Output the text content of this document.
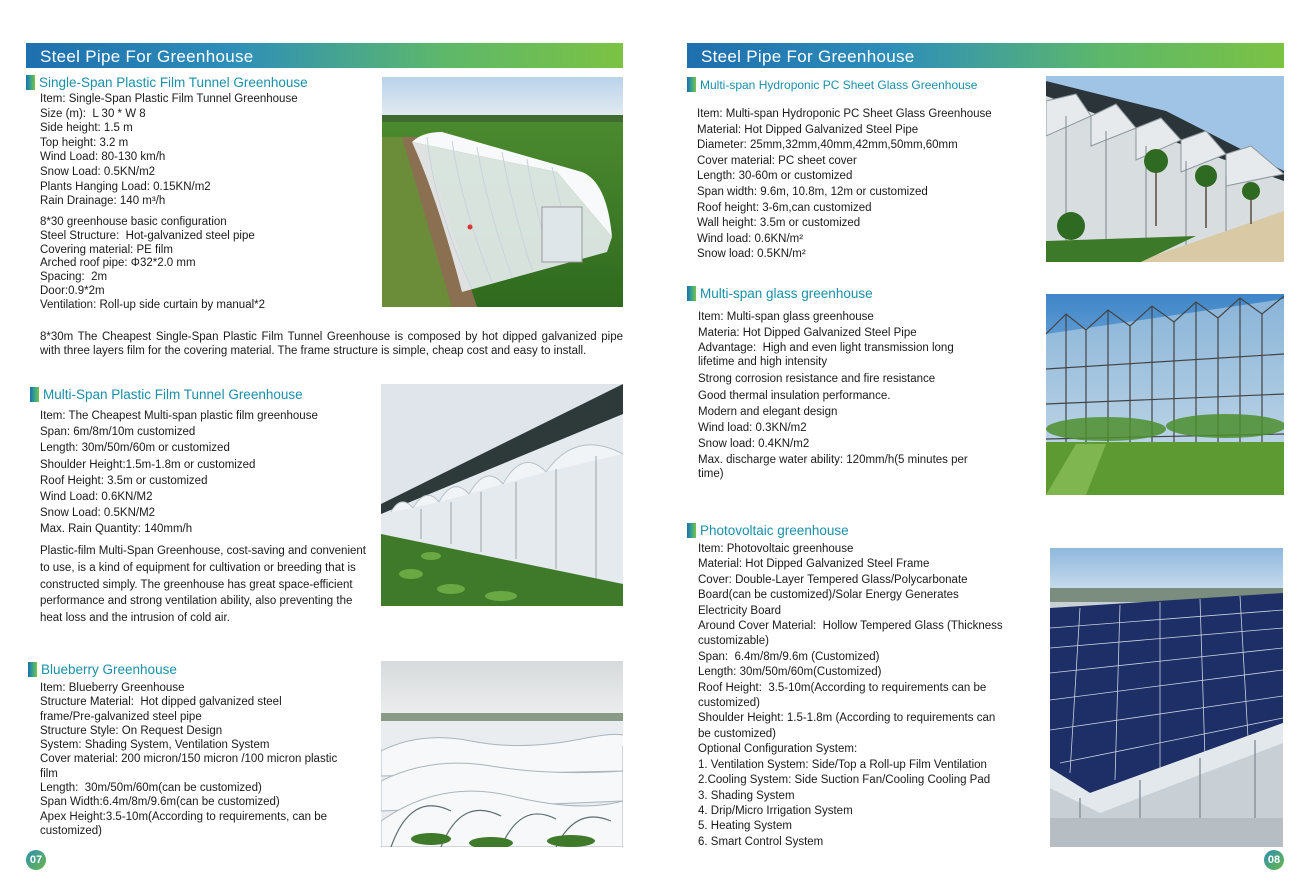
Steel Pipe For Greenhouse
Single-Span Plastic Film Tunnel Greenhouse
Item: Single-Span Plastic Film Tunnel Greenhouse
Size (m):  L 30 * W 8
Side height: 1.5 m
Top height: 3.2 m
Wind Load: 80-130 km/h
Snow Load: 0.5KN/m2
Plants Hanging Load: 0.15KN/m2
Rain Drainage: 140 m³/h
8*30 greenhouse basic configuration
Steel Structure:  Hot-galvanized steel pipe
Covering material: PE film
Arched roof pipe: Φ32*2.0 mm
Spacing:  2m
Door:0.9*2m
Ventilation: Roll-up side curtain by manual*2

8*30m The Cheapest Single-Span Plastic Film Tunnel Greenhouse is composed by hot dipped galvanized pipe with three layers film for the covering material. The frame structure is simple, cheap cost and easy to install.

Multi-Span Plastic Film Tunnel Greenhouse
Item: The Cheapest Multi-span plastic film greenhouse
Span: 6m/8m/10m customized
Length: 30m/50m/60m or customized
Shoulder Height:1.5m-1.8m or customized
Roof Height: 3.5m or customized
Wind Load: 0.6KN/M2
Snow Load: 0.5KN/M2
Max. Rain Quantity: 140mm/h

Plastic-film Multi-Span Greenhouse, cost-saving and convenient to use, is a kind of equipment for cultivation or breeding that is constructed simply. The greenhouse has great space-efficient performance and strong ventilation ability, also preventing the heat loss and the intrusion of cold air.

Blueberry Greenhouse
Item: Blueberry Greenhouse
Structure Material:  Hot dipped galvanized steel
frame/Pre-galvanized steel pipe
Structure Style: On Request Design
System: Shading System, Ventilation System
Cover material: 200 micron/150 micron /100 micron plastic
film
Length:  30m/50m/60m(can be customized)
Span Width:6.4m/8m/9.6m(can be customized)
Apex Height:3.5-10m(According to requirements, can be
customized)
07
Steel Pipe For Greenhouse
Multi-span Hydroponic PC Sheet Glass Greenhouse
Item: Multi-span Hydroponic PC Sheet Glass Greenhouse
Material: Hot Dipped Galvanized Steel Pipe
Diameter: 25mm,32mm,40mm,42mm,50mm,60mm
Cover material: PC sheet cover
Length: 30-60m or customized
Span width: 9.6m, 10.8m, 12m or customized
Roof height: 3-6m,can customized
Wall height: 3.5m or customized
Wind load: 0.6KN/m²
Snow load: 0.5KN/m²
Multi-span glass greenhouse
Item: Multi-span glass greenhouse
Materia: Hot Dipped Galvanized Steel Pipe
Advantage:  High and even light transmission long
lifetime and high intensity
Strong corrosion resistance and fire resistance
Good thermal insulation performance.
Modern and elegant design
Wind load: 0.3KN/m2
Snow load: 0.4KN/m2
Max. discharge water ability: 120mm/h(5 minutes per
time)
Photovoltaic greenhouse
Item: Photovoltaic greenhouse
Material: Hot Dipped Galvanized Steel Frame
Cover: Double-Layer Tempered Glass/Polycarbonate
Board(can be customized)/Solar Energy Generates
Electricity Board
Around Cover Material:  Hollow Tempered Glass (Thickness
customizable)
Span:  6.4m/8m/9.6m (Customized)
Length: 30m/50m/60m(Customized)
Roof Height:  3.5-10m(According to requirements can be
customized)
Shoulder Height: 1.5-1.8m (According to requirements can
be customized)
Optional Configuration System:
1. Ventilation System: Side/Top a Roll-up Film Ventilation
2.Cooling System: Side Suction Fan/Cooling Cooling Pad
3. Shading System
4. Drip/Micro Irrigation System
5. Heating System
6. Smart Control System
08
